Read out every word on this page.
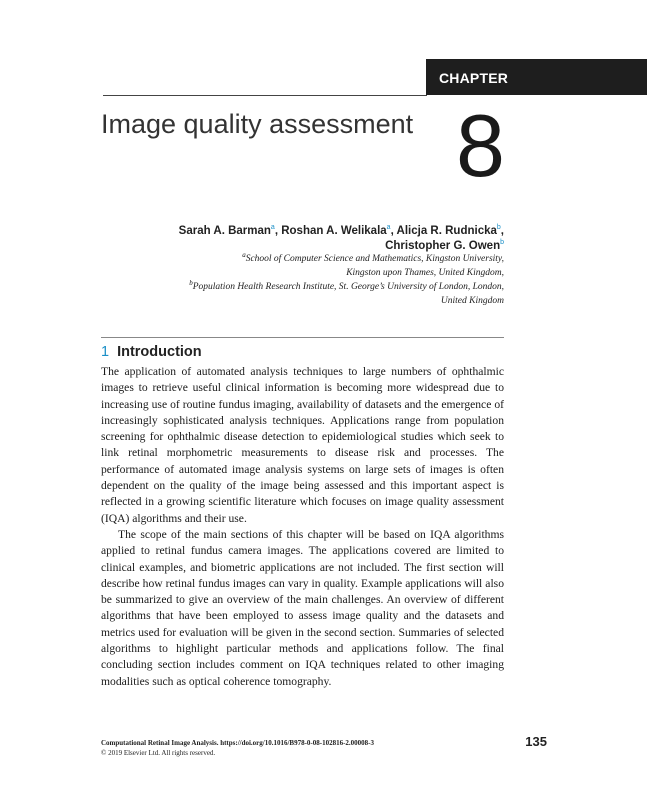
CHAPTER
Image quality assessment 8
Sarah A. Barman$^a$, Roshan A. Welikala$^a$, Alicja R. Rudnicka$^b$,
Christopher G. Owen$^b$

$^a$School of Computer Science and Mathematics, Kingston University,
Kingston upon Thames, United Kingdom,

$^b$Population Health Research Institute, St. George’s University of London, London,
United Kingdom

1 Introduction

The application of automated analysis techniques to large numbers of ophthalmic images to retrieve useful clinical information is becoming more widespread due to increasing use of routine fundus imaging, availability of datasets and the emergence of increasingly sophisticated analysis techniques. Applications range from population screening for ophthalmic disease detection to epidemiological studies which seek to link retinal morphometric measurements to disease risk and processes. The performance of automated image analysis systems on large sets of images is often dependent on the quality of the image being assessed and this important aspect is reflected in a growing scientific literature which focuses on image quality assessment (IQA) algorithms and their use.

The scope of the main sections of this chapter will be based on IQA algorithms applied to retinal fundus camera images. The applications covered are limited to clinical examples, and biometric applications are not included. The first section will describe how retinal fundus images can vary in quality. Example applications will also be summarized to give an overview of the main challenges. An overview of different algorithms that have been employed to assess image quality and the datasets and metrics used for evaluation will be given in the second section. Summaries of selected algorithms to highlight particular methods and applications follow. The final concluding section includes comment on IQA techniques related to other imaging modalities such as optical coherence tomography.

Computational Retinal Image Analysis. https://doi.org/10.1016/B978-0-08-102816-2.00008-3
© 2019 Elsevier Ltd. All rights reserved.
135
